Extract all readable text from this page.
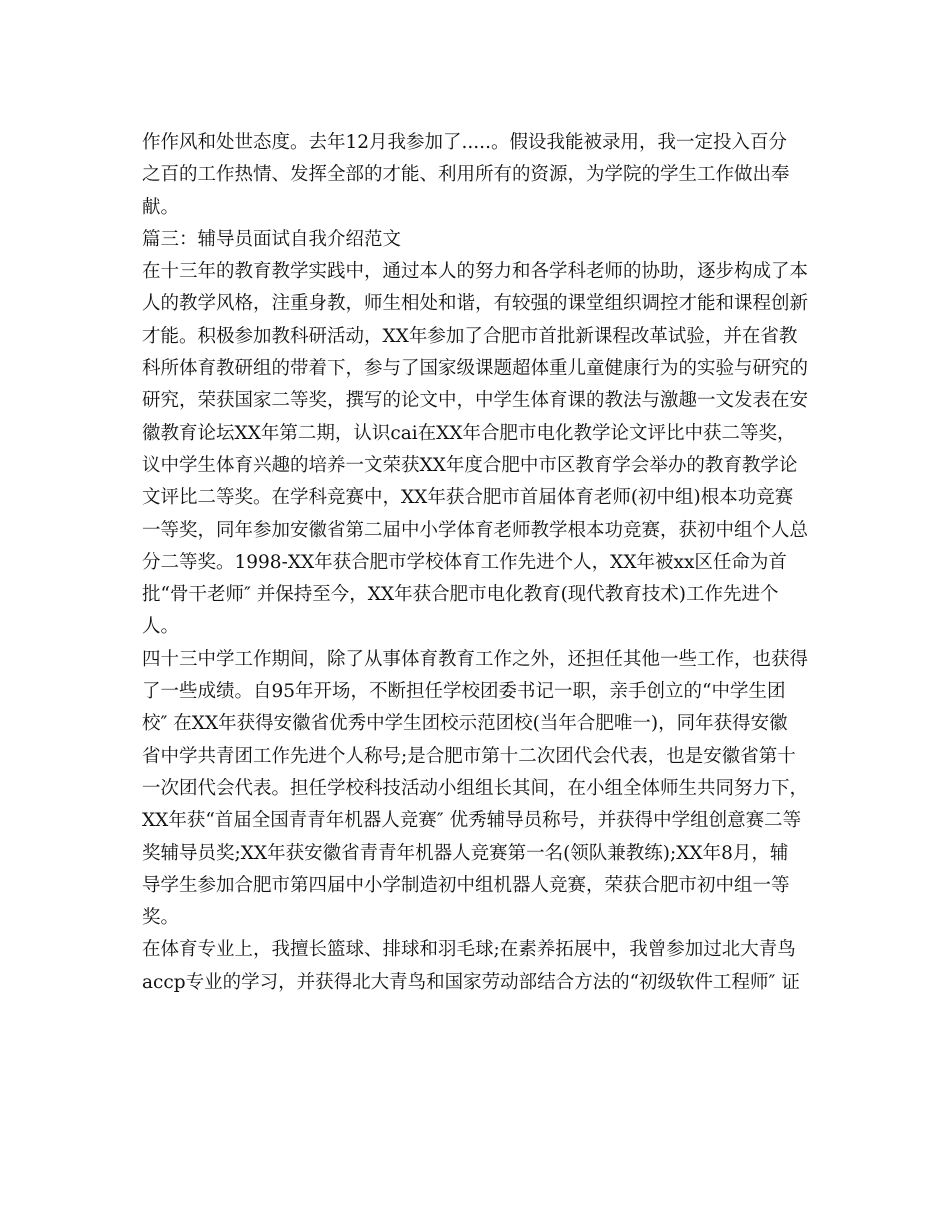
作作风和处世态度。去年12月我参加了.....。假设我能被录用，我一定投入百分
之百的工作热情、发挥全部的才能、利用所有的资源，为学院的学生工作做出奉
献。
篇三：辅导员面试自我介绍范文
在十三年的教育教学实践中，通过本人的努力和各学科老师的协助，逐步构成了本
人的教学风格，注重身教，师生相处和谐，有较强的课堂组织调控才能和课程创新
才能。积极参加教科研活动，XX年参加了合肥市首批新课程改革试验，并在省教
科所体育教研组的带着下，参与了国家级课题超体重儿童健康行为的实验与研究的
研究，荣获国家二等奖，撰写的论文中，中学生体育课的教法与激趣一文发表在安
徽教育论坛XX年第二期，认识cai在XX年合肥市电化教学论文评比中获二等奖，
议中学生体育兴趣的培养一文荣获XX年度合肥中市区教育学会举办的教育教学论
文评比二等奖。在学科竞赛中，XX年获合肥市首届体育老师(初中组)根本功竞赛
一等奖，同年参加安徽省第二届中小学体育老师教学根本功竞赛，获初中组个人总
分二等奖。1998-XX年获合肥市学校体育工作先进个人，XX年被xx区任命为首
批“骨干老师″ 并保持至今，XX年获合肥市电化教育(现代教育技术)工作先进个
人。
四十三中学工作期间，除了从事体育教育工作之外，还担任其他一些工作，也获得
了一些成绩。自95年开场，不断担任学校团委书记一职，亲手创立的“中学生团
校″ 在XX年获得安徽省优秀中学生团校示范团校(当年合肥唯一)，同年获得安徽
省中学共青团工作先进个人称号;是合肥市第十二次团代会代表，也是安徽省第十
一次团代会代表。担任学校科技活动小组组长其间，在小组全体师生共同努力下，
XX年获“首届全国青青年机器人竞赛″ 优秀辅导员称号，并获得中学组创意赛二等
奖辅导员奖;XX年获安徽省青青年机器人竞赛第一名(领队兼教练);XX年8月，辅
导学生参加合肥市第四届中小学制造初中组机器人竞赛，荣获合肥市初中组一等
奖。
在体育专业上，我擅长篮球、排球和羽毛球;在素养拓展中，我曾参加过北大青鸟
accp专业的学习，并获得北大青鸟和国家劳动部结合方法的“初级软件工程师″ 证
